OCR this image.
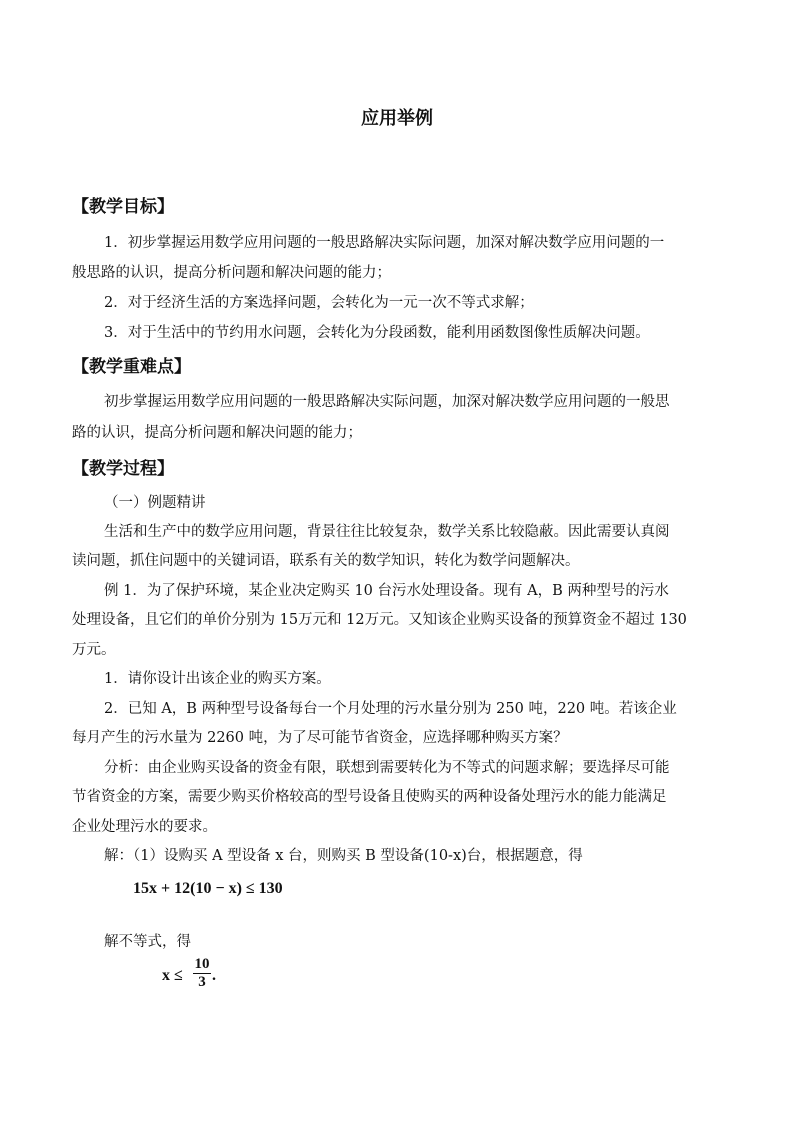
应用举例
【教学目标】
1．初步掌握运用数学应用问题的一般思路解决实际问题，加深对解决数学应用问题的一
般思路的认识，提高分析问题和解决问题的能力；
2．对于经济生活的方案选择问题，会转化为一元一次不等式求解；
3．对于生活中的节约用水问题，会转化为分段函数，能利用函数图像性质解决问题。
【教学重难点】
初步掌握运用数学应用问题的一般思路解决实际问题，加深对解决数学应用问题的一般思
路的认识，提高分析问题和解决问题的能力；
【教学过程】
（一）例题精讲
生活和生产中的数学应用问题，背景往往比较复杂，数学关系比较隐蔽。因此需要认真阅
读问题，抓住问题中的关键词语，联系有关的数学知识，转化为数学问题解决。
例 1．为了保护环境，某企业决定购买 10 台污水处理设备。现有 A，B 两种型号的污水
处理设备，且它们的单价分别为 15万元和 12万元。又知该企业购买设备的预算资金不超过 130
万元。
1．请你设计出该企业的购买方案。
2．已知 A，B 两种型号设备每台一个月处理的污水量分别为 250 吨，220 吨。若该企业
每月产生的污水量为 2260 吨，为了尽可能节省资金，应选择哪种购买方案？
分析：由企业购买设备的资金有限，联想到需要转化为不等式的问题求解；要选择尽可能
节省资金的方案，需要少购买价格较高的型号设备且使购买的两种设备处理污水的能力能满足
企业处理污水的要求。
解：（1）设购买 A 型设备 x 台，则购买 B 型设备(10-x)台，根据题意，得
15x + 12(10 − x) ≤ 130
解不等式，得
x ≤
10
3 .
